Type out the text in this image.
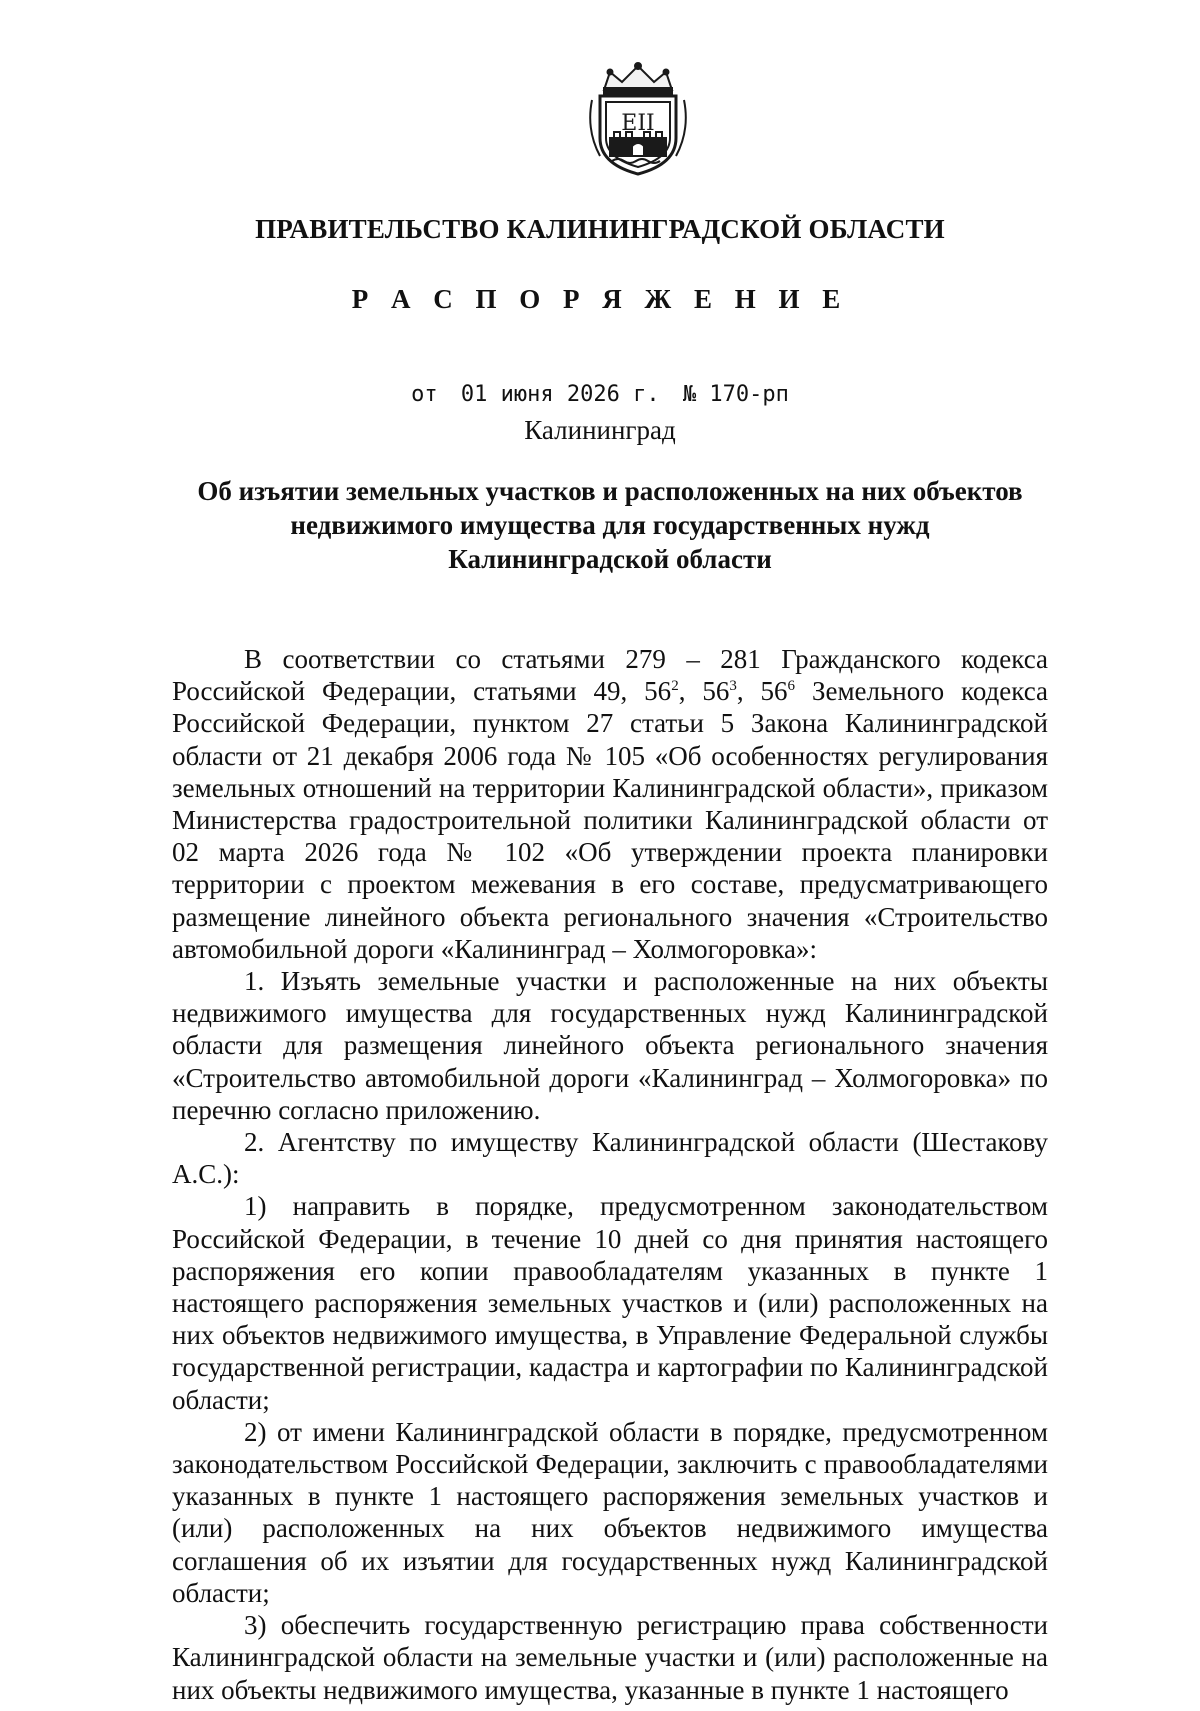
EII
ПРАВИТЕЛЬСТВО КАЛИНИНГРАДСКОЙ ОБЛАСТИ
Р А С П О Р Я Ж Е Н И Е
от 01 июня 2026 г. № 170-рп
Калининград
Об изъятии земельных участков и расположенных на них объектов
недвижимого имущества для государственных нужд
Калининградской области

В соответствии со статьями 279 – 281 Гражданского кодекса Российской Федерации, статьями 49, $56^2$, $56^3$, $56^6$ Земельного кодекса Российской Федерации, пунктом 27 статьи 5 Закона Калининградской области от 21 декабря 2006 года № 105 «Об особенностях регулирования земельных отношений на территории Калининградской области», приказом Министерства градостроительной политики Калининградской области от 02 марта 2026 года № 102 «Об утверждении проекта планировки территории с проектом межевания в его составе, предусматривающего размещение линейного объекта регионального значения «Строительство автомобильной дороги «Калининград – Холмогоровка»:

1. Изъять земельные участки и расположенные на них объекты недвижимого имущества для государственных нужд Калининградской области для размещения линейного объекта регионального значения «Строительство автомобильной дороги «Калининград – Холмогоровка» по перечню согласно приложению.

2. Агентству по имуществу Калининградской области (Шестакову А.С.):

1) направить в порядке, предусмотренном законодательством Российской Федерации, в течение 10 дней со дня принятия настоящего распоряжения его копии правообладателям указанных в пункте 1 настоящего распоряжения земельных участков и (или) расположенных на них объектов недвижимого имущества, в Управление Федеральной службы государственной регистрации, кадастра и картографии по Калининградской области;

2) от имени Калининградской области в порядке, предусмотренном законодательством Российской Федерации, заключить с правообладателями указанных в пункте 1 настоящего распоряжения земельных участков и (или) расположенных на них объектов недвижимого имущества соглашения об их изъятии для государственных нужд Калининградской области;

3) обеспечить государственную регистрацию права собственности Калининградской области на земельные участки и (или) расположенные на них объекты недвижимого имущества, указанные в пункте 1 настоящего
